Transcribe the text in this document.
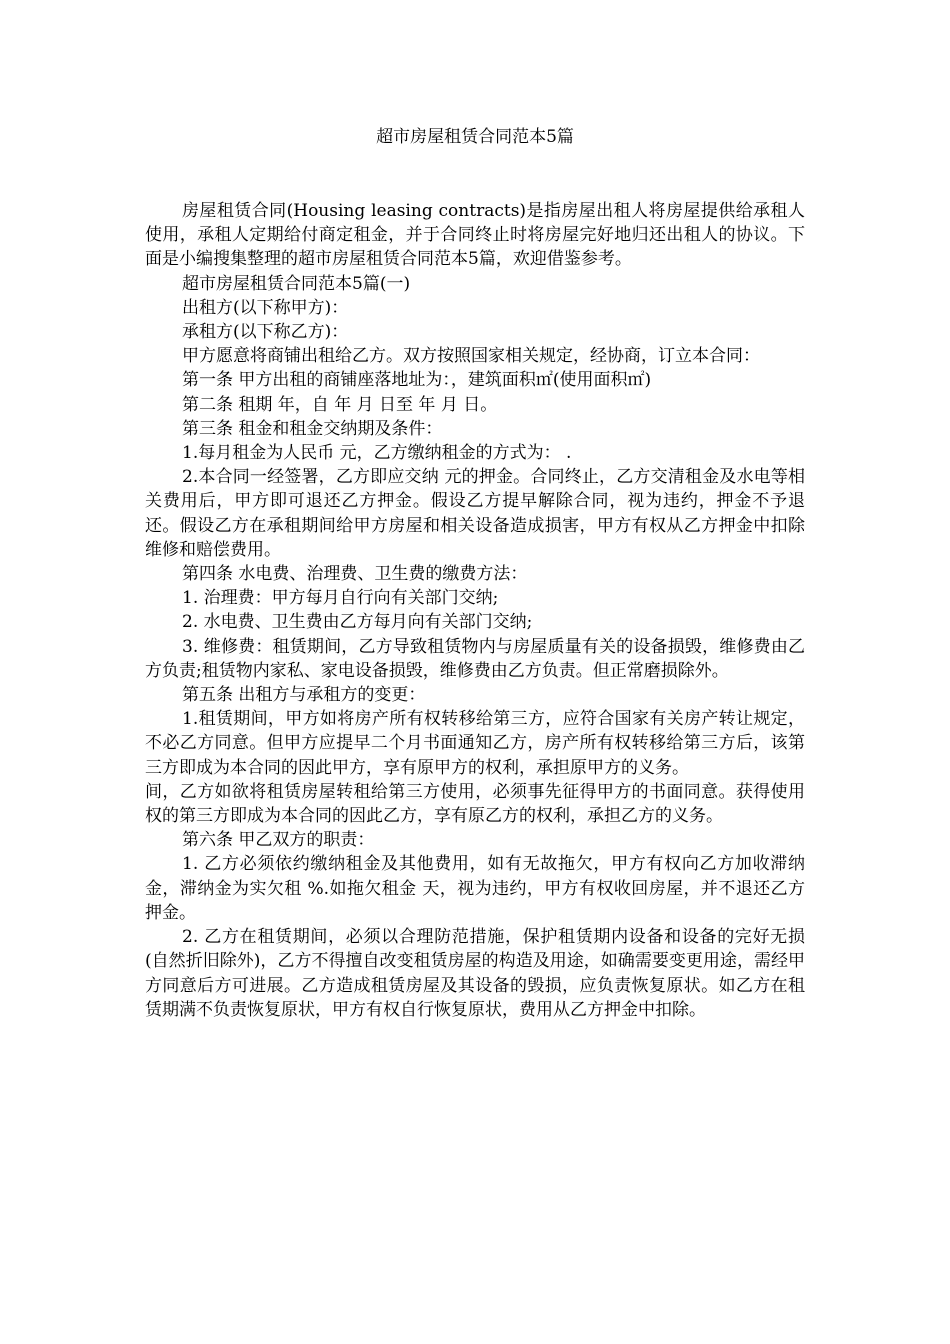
超市房屋租赁合同范本5篇

房屋租赁合同(Housing leasing contracts)是指房屋出租人将房屋提供给承租人使用，承租人定期给付商定租金，并于合同终止时将房屋完好地归还出租人的协议。下面是小编搜集整理的超市房屋租赁合同范本5篇，欢迎借鉴参考。

超市房屋租赁合同范本5篇(一)

出租方(以下称甲方)：

承租方(以下称乙方)：

甲方愿意将商铺出租给乙方。双方按照国家相关规定，经协商，订立本合同：

第一条 甲方出租的商铺座落地址为：，建筑面积㎡(使用面积㎡)

第二条 租期 年，自 年 月 日至 年 月 日。

第三条 租金和租金交纳期及条件：

1.每月租金为人民币 元，乙方缴纳租金的方式为： .

2.本合同一经签署，乙方即应交纳 元的押金。合同终止，乙方交清租金及水电等相关费用后，甲方即可退还乙方押金。假设乙方提早解除合同，视为违约，押金不予退还。假设乙方在承租期间给甲方房屋和相关设备造成损害，甲方有权从乙方押金中扣除维修和赔偿费用。

第四条 水电费、治理费、卫生费的缴费方法：

1. 治理费：甲方每月自行向有关部门交纳;

2. 水电费、卫生费由乙方每月向有关部门交纳;

3. 维修费：租赁期间，乙方导致租赁物内与房屋质量有关的设备损毁，维修费由乙方负责;租赁物内家私、家电设备损毁，维修费由乙方负责。但正常磨损除外。

第五条 出租方与承租方的变更：

1.租赁期间，甲方如将房产所有权转移给第三方，应符合国家有关房产转让规定，不必乙方同意。但甲方应提早二个月书面通知乙方，房产所有权转移给第三方后，该第三方即成为本合同的因此甲方，享有原甲方的权利，承担原甲方的义务。

间，乙方如欲将租赁房屋转租给第三方使用，必须事先征得甲方的书面同意。获得使用权的第三方即成为本合同的因此乙方，享有原乙方的权利，承担乙方的义务。

第六条 甲乙双方的职责：

1. 乙方必须依约缴纳租金及其他费用，如有无故拖欠，甲方有权向乙方加收滞纳金，滞纳金为实欠租 %.如拖欠租金 天，视为违约，甲方有权收回房屋，并不退还乙方押金。

2. 乙方在租赁期间，必须以合理防范措施，保护租赁期内设备和设备的完好无损(自然折旧除外)，乙方不得擅自改变租赁房屋的构造及用途，如确需要变更用途，需经甲方同意后方可进展。乙方造成租赁房屋及其设备的毁损，应负责恢复原状。如乙方在租赁期满不负责恢复原状，甲方有权自行恢复原状，费用从乙方押金中扣除。
